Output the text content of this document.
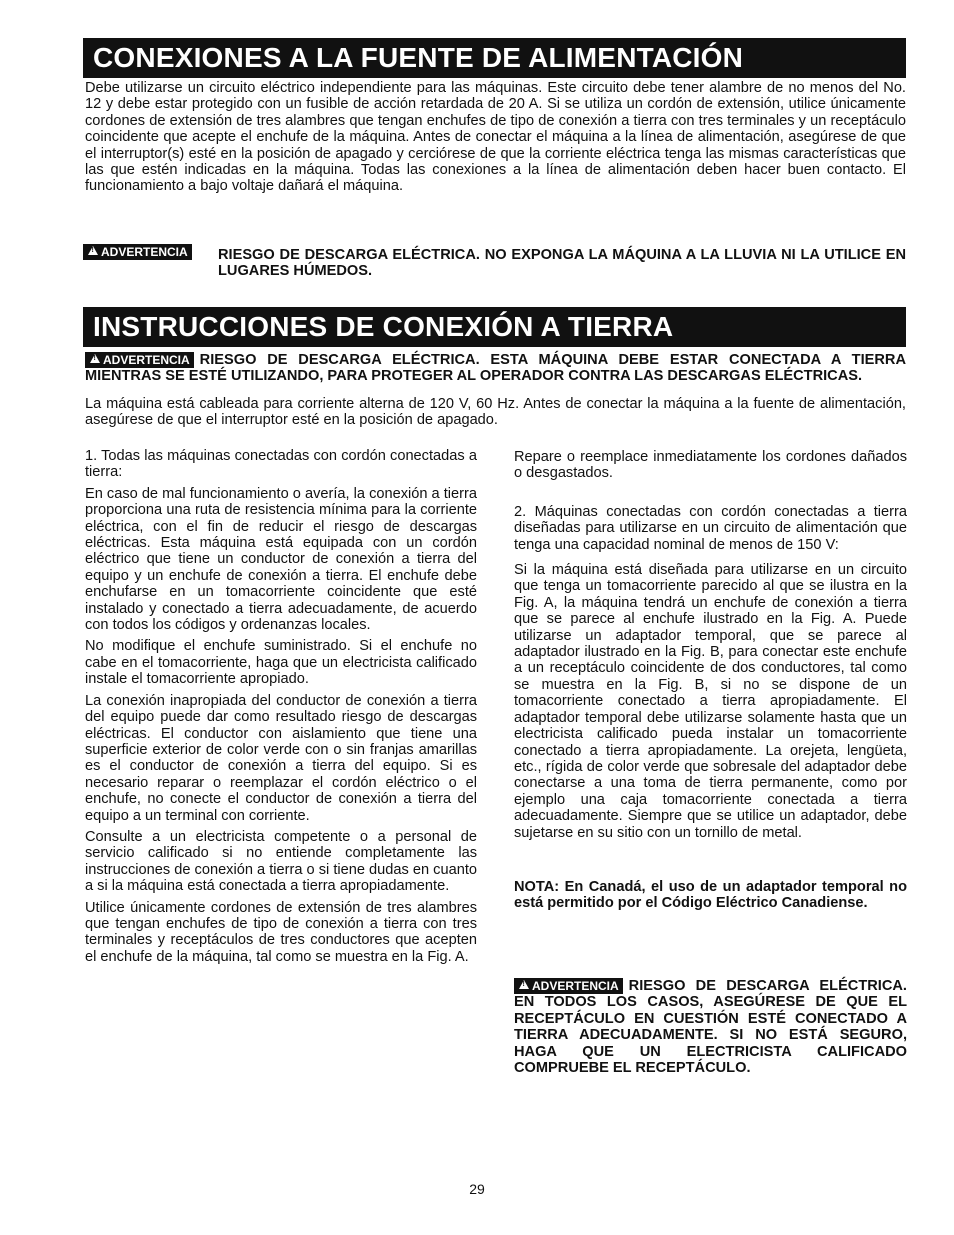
CONEXIONES A LA FUENTE DE ALIMENTACIÓN

Debe utilizarse un circuito eléctrico independiente para las máquinas. Este circuito debe tener alambre de no menos del No. 12 y debe estar protegido con un fusible de acción retardada de 20 A. Si se utiliza un cordón de extensión, utilice únicamente cordones de extensión de tres alambres que tengan enchufes de tipo de conexión a tierra con tres terminales y un receptáculo coincidente que acepte el enchufe de la máquina. Antes de conectar el máquina a la línea de alimentación, asegúrese de que el interruptor(s) esté en la posición de apagado y cerciórese de que la corriente eléctrica tenga las mismas características que las que estén indicadas en la máquina. Todas las conexiones a la línea de alimentación deben hacer buen contacto. El funcionamiento a bajo voltaje dañará el máquina.

!ADVERTENCIA RIESGO DE DESCARGA ELÉCTRICA. NO EXPONGA LA MÁQUINA A LA LLUVIA NI LA UTILICE EN LUGARES HÚMEDOS.

INSTRUCCIONES DE CONEXIÓN A TIERRA

!ADVERTENCIA RIESGO DE DESCARGA ELÉCTRICA. ESTA MÁQUINA DEBE ESTAR CONECTADA A TIERRA MIENTRAS SE ESTÉ UTILIZANDO, PARA PROTEGER AL OPERADOR CONTRA LAS DESCARGAS ELÉCTRICAS.

La máquina está cableada para corriente alterna de 120 V, 60 Hz. Antes de conectar la máquina a la fuente de alimentación, asegúrese de que el interruptor esté en la posición de apagado.

1. Todas las máquinas conectadas con cordón conectadas a tierra:

En caso de mal funcionamiento o avería, la conexión a tierra proporciona una ruta de resistencia mínima para la corriente eléctrica, con el fin de reducir el riesgo de descargas eléctricas. Esta máquina está equipada con un cordón eléctrico que tiene un conductor de conexión a tierra del equipo y un enchufe de conexión a tierra. El enchufe debe enchufarse en un tomacorriente coincidente que esté instalado y conectado a tierra adecuadamente, de acuerdo con todos los códigos y ordenanzas locales.

No modifique el enchufe suministrado. Si el enchufe no cabe en el tomacorriente, haga que un electricista calificado instale el tomacorriente apropiado.

La conexión inapropiada del conductor de conexión a tierra del equipo puede dar como resultado riesgo de descargas eléctricas. El conductor con aislamiento que tiene una superficie exterior de color verde con o sin franjas amarillas es el conductor de conexión a tierra del equipo. Si es necesario reparar o reemplazar el cordón eléctrico o el enchufe, no conecte el conductor de conexión a tierra del equipo a un terminal con corriente.

Consulte a un electricista competente o a personal de servicio calificado si no entiende completamente las instrucciones de conexión a tierra o si tiene dudas en cuanto a si la máquina está conectada a tierra apropiadamente.

Utilice únicamente cordones de extensión de tres alambres que tengan enchufes de tipo de conexión a tierra con tres terminales y receptáculos de tres conductores que acepten el enchufe de la máquina, tal como se muestra en la Fig. A.

Repare o reemplace inmediatamente los cordones dañados o desgastados.

2. Máquinas conectadas con cordón conectadas a tierra diseñadas para utilizarse en un circuito de alimentación que tenga una capacidad nominal de menos de 150 V:

Si la máquina está diseñada para utilizarse en un circuito que tenga un tomacorriente parecido al que se ilustra en la Fig. A, la máquina tendrá un enchufe de conexión a tierra que se parece al enchufe ilustrado en la Fig. A. Puede utilizarse un adaptador temporal, que se parece al adaptador ilustrado en la Fig. B, para conectar este enchufe a un receptáculo coincidente de dos conductores, tal como se muestra en la Fig. B, si no se dispone de un tomacorriente conectado a tierra apropiadamente. El adaptador temporal debe utilizarse solamente hasta que un electricista calificado pueda instalar un tomacorriente conectado a tierra apropiadamente. La orejeta, lengüeta, etc., rígida de color verde que sobresale del adaptador debe conectarse a una toma de tierra permanente, como por ejemplo una caja tomacorriente conectada a tierra adecuadamente. Siempre que se utilice un adaptador, debe sujetarse en su sitio con un tornillo de metal.

NOTA: En Canadá, el uso de un adaptador temporal no está permitido por el Código Eléctrico Canadiense.

!ADVERTENCIA RIESGO DE DESCARGA ELÉCTRICA. EN TODOS LOS CASOS, ASEGÚRESE DE QUE EL RECEPTÁCULO EN CUESTIÓN ESTÉ CONECTADO A TIERRA ADECUADAMENTE. SI NO ESTÁ SEGURO, HAGA QUE UN ELECTRICISTA CALIFICADO COMPRUEBE EL RECEPTÁCULO.

29
